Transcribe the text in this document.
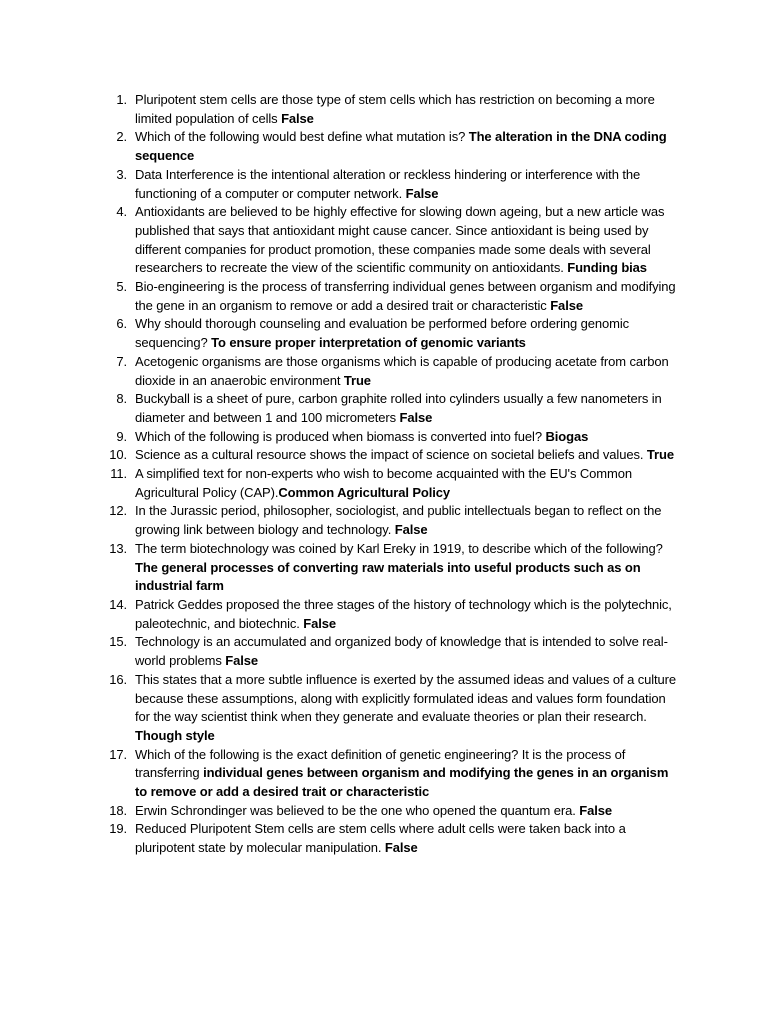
1. Pluripotent stem cells are those type of stem cells which has restriction on becoming a more limited population of cells False
2. Which of the following would best define what mutation is? The alteration in the DNA coding sequence
3. Data Interference is the intentional alteration or reckless hindering or interference with the functioning of a computer or computer network. False
4. Antioxidants are believed to be highly effective for slowing down ageing, but a new article was published that says that antioxidant might cause cancer. Since antioxidant is being used by different companies for product promotion, these companies made some deals with several researchers to recreate the view of the scientific community on antioxidants. Funding bias
5. Bio-engineering is the process of transferring individual genes between organism and modifying the gene in an organism to remove or add a desired trait or characteristic False
6. Why should thorough counseling and evaluation be performed before ordering genomic sequencing? To ensure proper interpretation of genomic variants
7. Acetogenic organisms are those organisms which is capable of producing acetate from carbon dioxide in an anaerobic environment True
8. Buckyball is a sheet of pure, carbon graphite rolled into cylinders usually a few nanometers in diameter and between 1 and 100 micrometers False
9. Which of the following is produced when biomass is converted into fuel? Biogas
10. Science as a cultural resource shows the impact of science on societal beliefs and values. True
11. A simplified text for non-experts who wish to become acquainted with the EU's Common Agricultural Policy (CAP).Common Agricultural Policy
12. In the Jurassic period, philosopher, sociologist, and public intellectuals began to reflect on the growing link between biology and technology. False
13. The term biotechnology was coined by Karl Ereky in 1919, to describe which of the following?The general processes of converting raw materials into useful products such as on industrial farm
14. Patrick Geddes proposed the three stages of the history of technology which is the polytechnic, paleotechnic, and biotechnic. False
15. Technology is an accumulated and organized body of knowledge that is intended to solve real-world problems False
16. This states that a more subtle influence is exerted by the assumed ideas and values of a culture because these assumptions, along with explicitly formulated ideas and values form foundation for the way scientist think when they generate and evaluate theories or plan their research. Though style
17. Which of the following is the exact definition of genetic engineering? It is the process of transferring individual genes between organism and modifying the genes in an organism to remove or add a desired trait or characteristic
18. Erwin Schrondinger was believed to be the one who opened the quantum era. False
19. Reduced Pluripotent Stem cells are stem cells where adult cells were taken back into a pluripotent state by molecular manipulation. False
